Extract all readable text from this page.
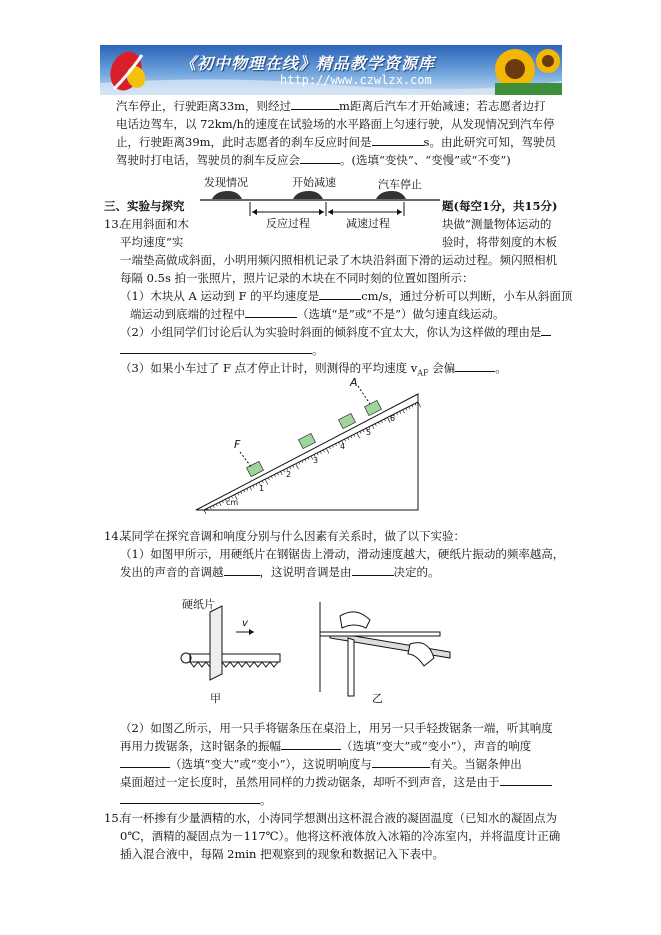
《初中物理在线》精品教学资源库
http://www.czwlzx.com
汽车停止，行驶距离33m，则经过	m距离后汽车才开始减速；若志愿者边打
电话边驾车，以 72km/h的速度在试验场的水平路面上匀速行驶，从发现情况到汽车停
止，行驶距离39m，此时志愿者的刹车反应时间是	s。由此研究可知，驾驶员
驾驶时打电话，驾驶员的刹车反应会	。(选填“变快”、“变慢”或“不变”)
发现情况	开始减速	汽车停止
反应过程	减速过程
三、实验与探究	题(每空1分，共15分)
13.
在用斜面和木	块做“测量物体运动的
平均速度”实	验时，将带刻度的木板
一端垫高做成斜面，小明用频闪照相机记录了木块沿斜面下滑的运动过程。频闪照相机
每隔 0.5s 拍一张照片，照片记录的木块在不同时刻的位置如图所示：
（1）木块从 A 运动到 F 的平均速度是	cm/s，通过分析可以判断，小车从斜面顶
端运动到底端的过程中	（选填“是”或“不是”）做匀速直线运动。
（2）小组同学们讨论后认为实验时斜面的倾斜度不宜太大，你认为这样做的理由是
。
（3）如果小车过了 F 点才停止计时，则测得的平均速度 $v_{AF}$ 会偏	。
A
F
cm
1
2
3
4
5
6
14.
某同学在探究音调和响度分别与什么因素有关系时，做了以下实验：
（1）如图甲所示，用硬纸片在钢锯齿上滑动，滑动速度越大，硬纸片振动的频率越高，
发出的声音的音调越	，这说明音调是由	决定的。
硬纸片
v
甲	乙
（2）如图乙所示，用一只手将锯条压在桌沿上，用另一只手轻拨锯条一端，听其响度
再用力拨锯条，这时锯条的振幅	（选填“变大”或“变小”），声音的响度
（选填“变大”或“变小”），这说明响度与	有关。当锯条伸出
桌面超过一定长度时，虽然用同样的力拨动锯条，却听不到声音，这是由于
。
15.
有一杯掺有少量酒精的水，小涛同学想测出这杯混合液的凝固温度（已知水的凝固点为
0℃，酒精的凝固点为－117℃）。他将这杯液体放入冰箱的冷冻室内，并将温度计正确
插入混合液中，每隔 2min 把观察到的现象和数据记入下表中。
